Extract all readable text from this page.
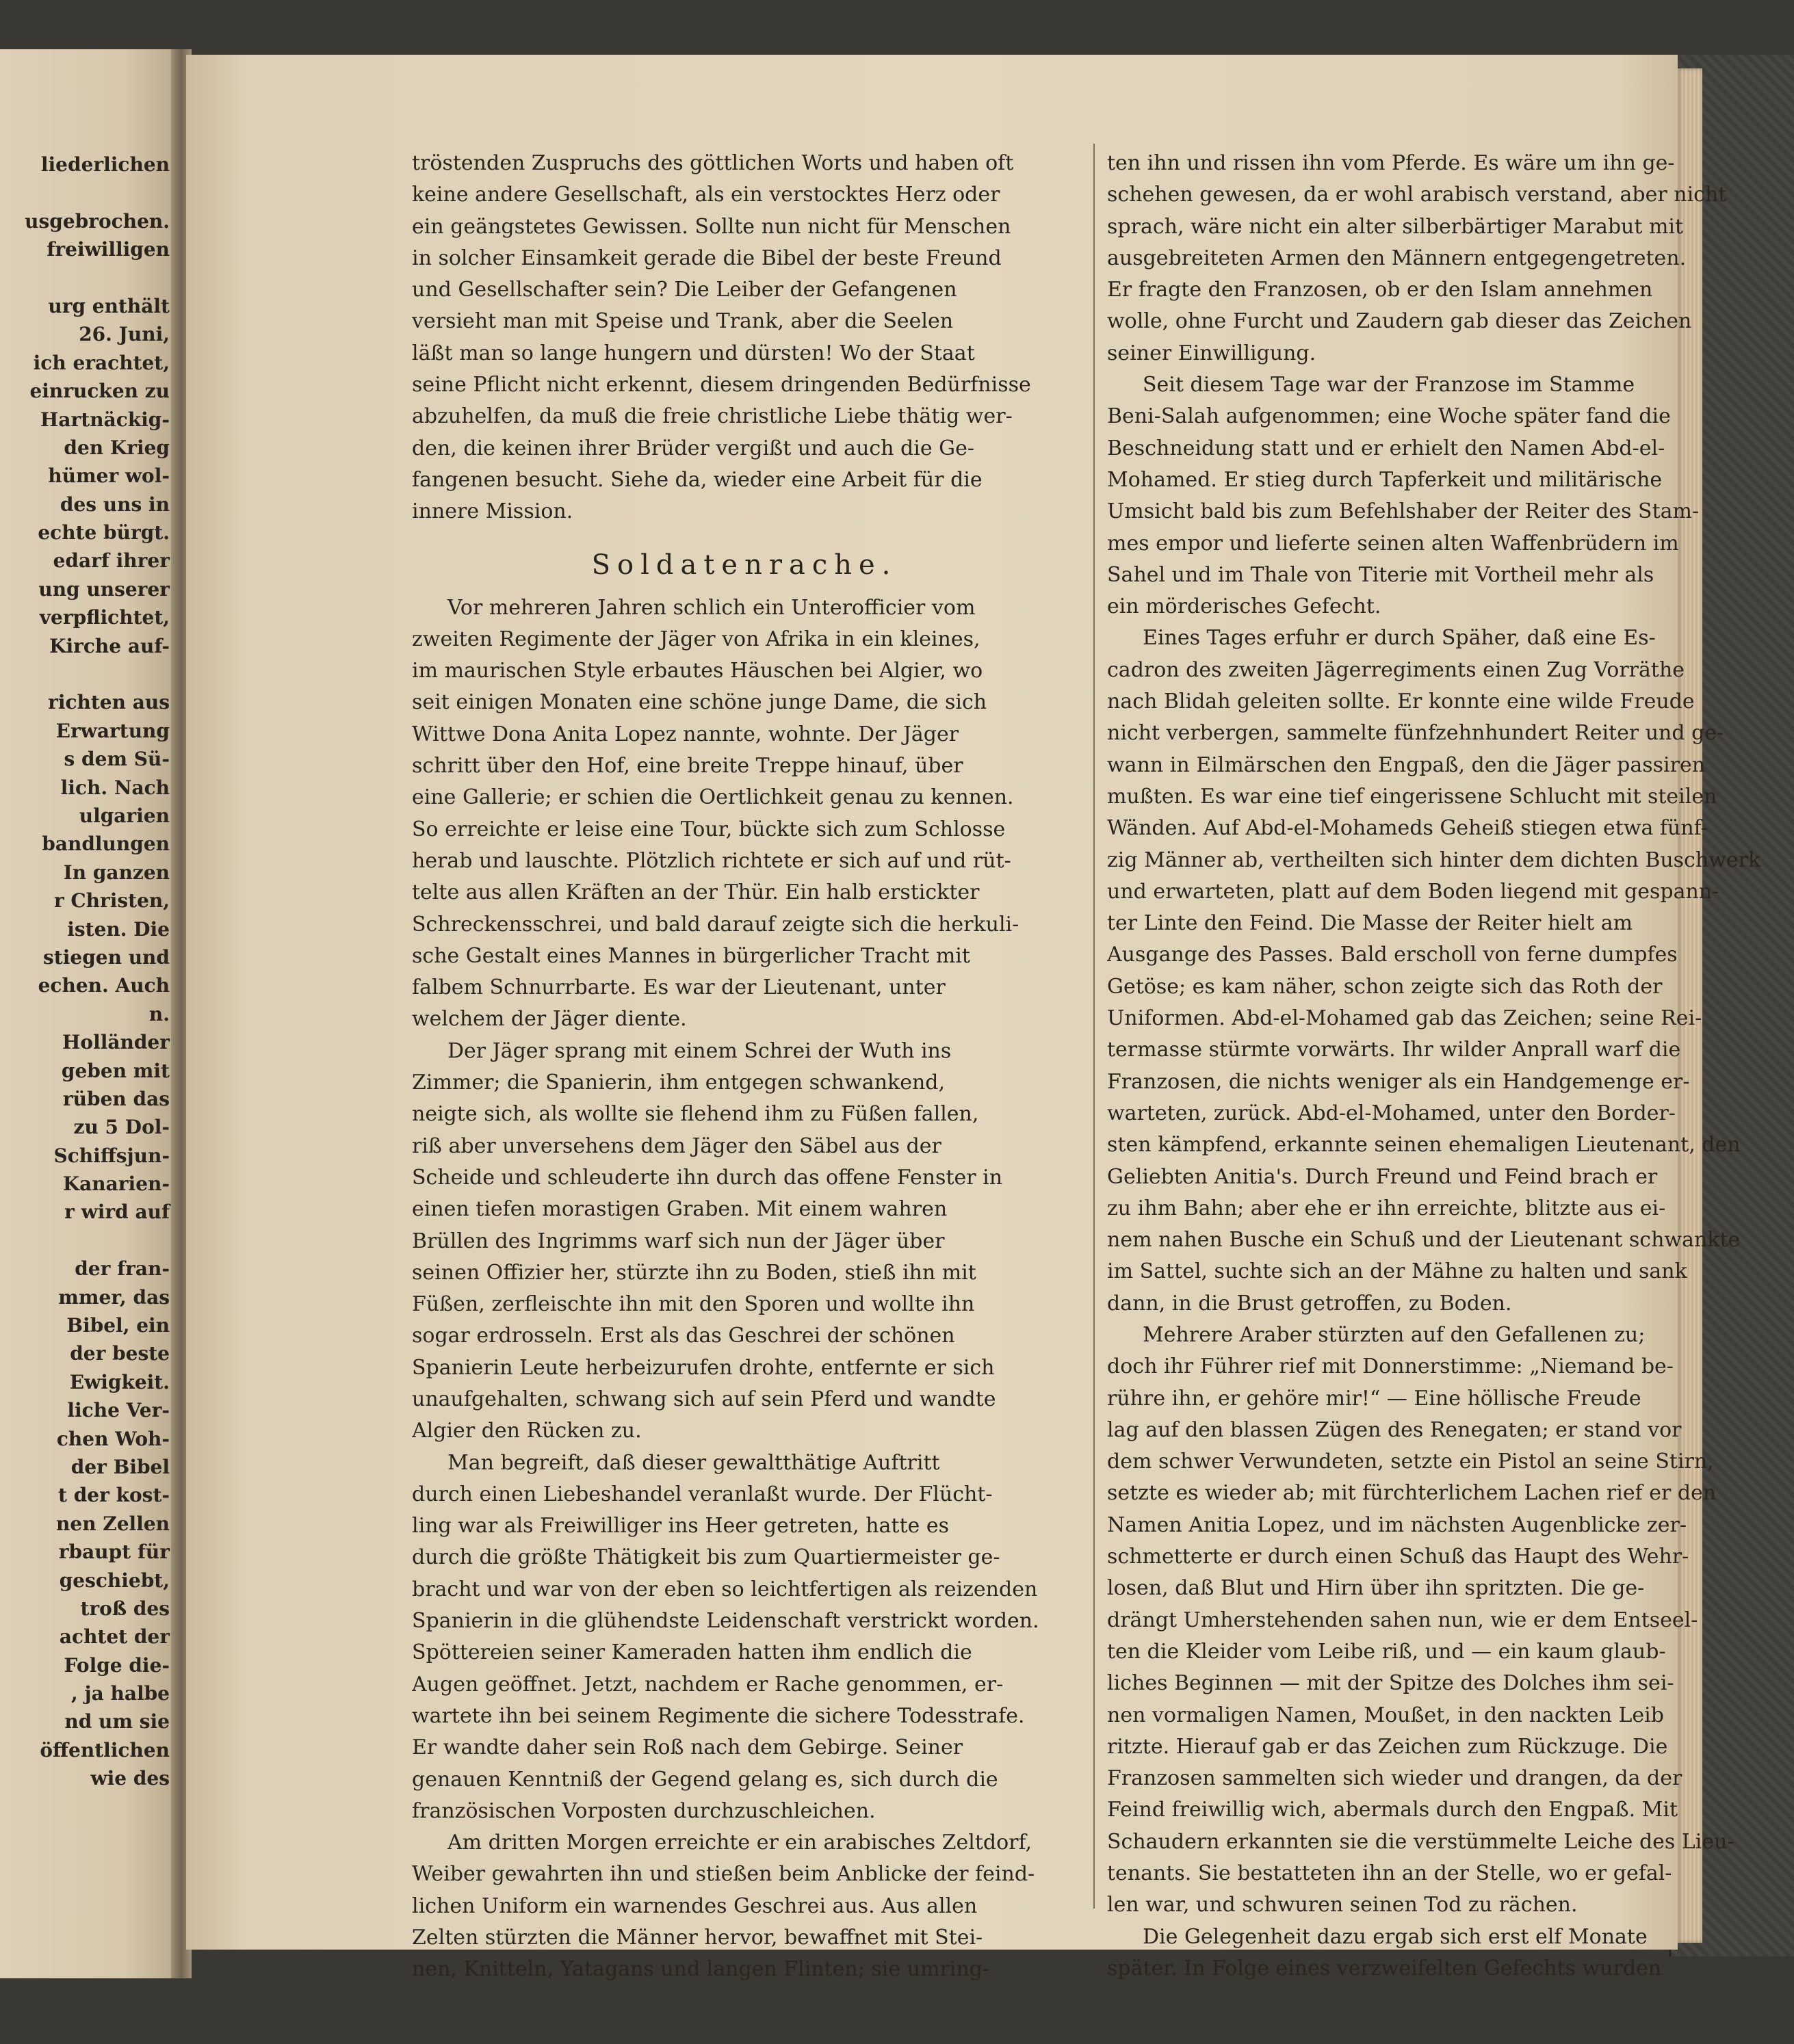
liederlichen
usgebrochen.
freiwilligen
urg enthält
26. Juni,
ich erachtet,
einrucken zu
Hartnäckig-
den Krieg
hümer wol-
des uns in
echte bürgt.
edarf ihrer
ung unserer
verpflichtet,
Kirche auf-
richten aus
Erwartung
s dem Sü-
lich. Nach
ulgarien
bandlungen
In ganzen
r Christen,
isten. Die
stiegen und
echen. Auch
n.
Holländer
geben mit
rüben das
zu 5 Dol-
Schiffsjun-
Kanarien-
r wird auf
der fran-
mmer, das
Bibel, ein
der beste
Ewigkeit.
liche Ver-
chen Woh-
der Bibel
t der kost-
nen Zellen
rbaupt für
geschiebt,
troß des
achtet der
Folge die-
, ja halbe
nd um sie
öffentlichen
wie des
tröstenden Zuspruchs des göttlichen Worts und haben oft
keine andere Gesellschaft, als ein verstocktes Herz oder
ein geängstetes Gewissen. Sollte nun nicht für Menschen
in solcher Einsamkeit gerade die Bibel der beste Freund
und Gesellschafter sein? Die Leiber der Gefangenen
versieht man mit Speise und Trank, aber die Seelen
läßt man so lange hungern und dürsten! Wo der Staat
seine Pflicht nicht erkennt, diesem dringenden Bedürfnisse
abzuhelfen, da muß die freie christliche Liebe thätig wer-
den, die keinen ihrer Brüder vergißt und auch die Ge-
fangenen besucht. Siehe da, wieder eine Arbeit für die
innere Mission.
Soldatenrache.
Vor mehreren Jahren schlich ein Unterofficier vom
zweiten Regimente der Jäger von Afrika in ein kleines,
im maurischen Style erbautes Häuschen bei Algier, wo
seit einigen Monaten eine schöne junge Dame, die sich
Wittwe Dona Anita Lopez nannte, wohnte. Der Jäger
schritt über den Hof, eine breite Treppe hinauf, über
eine Gallerie; er schien die Oertlichkeit genau zu kennen.
So erreichte er leise eine Tour, bückte sich zum Schlosse
herab und lauschte. Plötzlich richtete er sich auf und rüt-
telte aus allen Kräften an der Thür. Ein halb erstickter
Schreckensschrei, und bald darauf zeigte sich die herkuli-
sche Gestalt eines Mannes in bürgerlicher Tracht mit
falbem Schnurrbarte. Es war der Lieutenant, unter
welchem der Jäger diente.
Der Jäger sprang mit einem Schrei der Wuth ins
Zimmer; die Spanierin, ihm entgegen schwankend,
neigte sich, als wollte sie flehend ihm zu Füßen fallen,
riß aber unversehens dem Jäger den Säbel aus der
Scheide und schleuderte ihn durch das offene Fenster in
einen tiefen morastigen Graben. Mit einem wahren
Brüllen des Ingrimms warf sich nun der Jäger über
seinen Offizier her, stürzte ihn zu Boden, stieß ihn mit
Füßen, zerfleischte ihn mit den Sporen und wollte ihn
sogar erdrosseln. Erst als das Geschrei der schönen
Spanierin Leute herbeizurufen drohte, entfernte er sich
unaufgehalten, schwang sich auf sein Pferd und wandte
Algier den Rücken zu.
Man begreift, daß dieser gewaltthätige Auftritt
durch einen Liebeshandel veranlaßt wurde. Der Flücht-
ling war als Freiwilliger ins Heer getreten, hatte es
durch die größte Thätigkeit bis zum Quartiermeister ge-
bracht und war von der eben so leichtfertigen als reizenden
Spanierin in die glühendste Leidenschaft verstrickt worden.
Spöttereien seiner Kameraden hatten ihm endlich die
Augen geöffnet. Jetzt, nachdem er Rache genommen, er-
wartete ihn bei seinem Regimente die sichere Todesstrafe.
Er wandte daher sein Roß nach dem Gebirge. Seiner
genauen Kenntniß der Gegend gelang es, sich durch die
französischen Vorposten durchzuschleichen.
Am dritten Morgen erreichte er ein arabisches Zeltdorf,
Weiber gewahrten ihn und stießen beim Anblicke der feind-
lichen Uniform ein warnendes Geschrei aus. Aus allen
Zelten stürzten die Männer hervor, bewaffnet mit Stei-
nen, Knitteln, Yatagans und langen Flinten; sie umring-
ten ihn und rissen ihn vom Pferde. Es wäre um ihn ge-
schehen gewesen, da er wohl arabisch verstand, aber nicht
sprach, wäre nicht ein alter silberbärtiger Marabut mit
ausgebreiteten Armen den Männern entgegengetreten.
Er fragte den Franzosen, ob er den Islam annehmen
wolle, ohne Furcht und Zaudern gab dieser das Zeichen
seiner Einwilligung.
Seit diesem Tage war der Franzose im Stamme
Beni-Salah aufgenommen; eine Woche später fand die
Beschneidung statt und er erhielt den Namen Abd-el-
Mohamed. Er stieg durch Tapferkeit und militärische
Umsicht bald bis zum Befehlshaber der Reiter des Stam-
mes empor und lieferte seinen alten Waffenbrüdern im
Sahel und im Thale von Titerie mit Vortheil mehr als
ein mörderisches Gefecht.
Eines Tages erfuhr er durch Späher, daß eine Es-
cadron des zweiten Jägerregiments einen Zug Vorräthe
nach Blidah geleiten sollte. Er konnte eine wilde Freude
nicht verbergen, sammelte fünfzehnhundert Reiter und ge-
wann in Eilmärschen den Engpaß, den die Jäger passiren
mußten. Es war eine tief eingerissene Schlucht mit steilen
Wänden. Auf Abd-el-Mohameds Geheiß stiegen etwa fünf-
zig Männer ab, vertheilten sich hinter dem dichten Buschwerk
und erwarteten, platt auf dem Boden liegend mit gespann-
ter Linte den Feind. Die Masse der Reiter hielt am
Ausgange des Passes. Bald erscholl von ferne dumpfes
Getöse; es kam näher, schon zeigte sich das Roth der
Uniformen. Abd-el-Mohamed gab das Zeichen; seine Rei-
termasse stürmte vorwärts. Ihr wilder Anprall warf die
Franzosen, die nichts weniger als ein Handgemenge er-
warteten, zurück. Abd-el-Mohamed, unter den Border-
sten kämpfend, erkannte seinen ehemaligen Lieutenant, den
Geliebten Anitia's. Durch Freund und Feind brach er
zu ihm Bahn; aber ehe er ihn erreichte, blitzte aus ei-
nem nahen Busche ein Schuß und der Lieutenant schwankte
im Sattel, suchte sich an der Mähne zu halten und sank
dann, in die Brust getroffen, zu Boden.
Mehrere Araber stürzten auf den Gefallenen zu;
doch ihr Führer rief mit Donnerstimme: „Niemand be-
rühre ihn, er gehöre mir!“ — Eine höllische Freude
lag auf den blassen Zügen des Renegaten; er stand vor
dem schwer Verwundeten, setzte ein Pistol an seine Stirn,
setzte es wieder ab; mit fürchterlichem Lachen rief er den
Namen Anitia Lopez, und im nächsten Augenblicke zer-
schmetterte er durch einen Schuß das Haupt des Wehr-
losen, daß Blut und Hirn über ihn spritzten. Die ge-
drängt Umherstehenden sahen nun, wie er dem Entseel-
ten die Kleider vom Leibe riß, und — ein kaum glaub-
liches Beginnen — mit der Spitze des Dolches ihm sei-
nen vormaligen Namen, Moußet, in den nackten Leib
ritzte. Hierauf gab er das Zeichen zum Rückzuge. Die
Franzosen sammelten sich wieder und drangen, da der
Feind freiwillig wich, abermals durch den Engpaß. Mit
Schaudern erkannten sie die verstümmelte Leiche des Lieu-
tenants. Sie bestatteten ihn an der Stelle, wo er gefal-
len war, und schwuren seinen Tod zu rächen.
Die Gelegenheit dazu ergab sich erst elf Monate
später. In Folge eines verzweifelten Gefechts wurden
